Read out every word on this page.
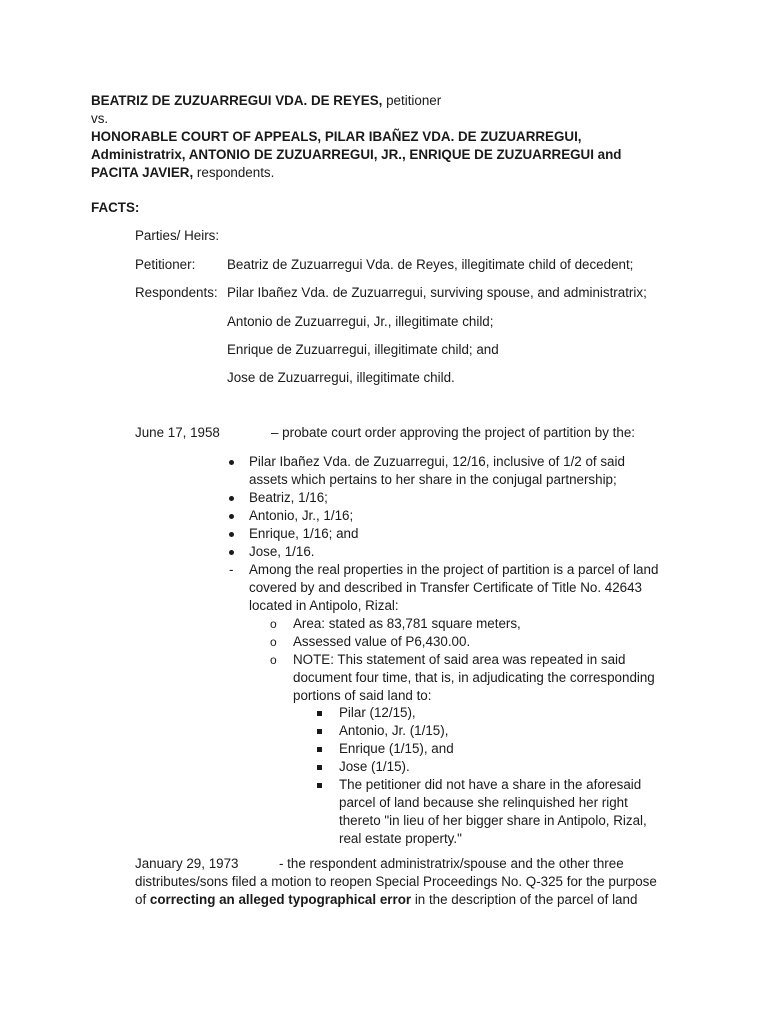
BEATRIZ DE ZUZUARREGUI VDA. DE REYES, petitioner
vs.
HONORABLE COURT OF APPEALS, PILAR IBAÑEZ VDA. DE ZUZUARREGUI,
Administratrix, ANTONIO DE ZUZUARREGUI, JR., ENRIQUE DE ZUZUARREGUI and
PACITA JAVIER, respondents.
FACTS:
Parties/ Heirs:
Petitioner: Beatriz de Zuzuarregui Vda. de Reyes, illegitimate child of decedent;
Respondents: Pilar Ibañez Vda. de Zuzuarregui, surviving spouse, and administratrix;
Antonio de Zuzuarregui, Jr., illegitimate child;
Enrique de Zuzuarregui, illegitimate child; and
Jose de Zuzuarregui, illegitimate child.
June 17, 1958	– probate court order approving the project of partition by the:
Pilar Ibañez Vda. de Zuzuarregui, 12/16, inclusive of 1/2 of said
assets which pertains to her share in the conjugal partnership;
Beatriz, 1/16;
Antonio, Jr., 1/16;
Enrique, 1/16; and
Jose, 1/16.
- Among the real properties in the project of partition is a parcel of land
covered by and described in Transfer Certificate of Title No. 42643
located in Antipolo, Rizal:
o Area: stated as 83,781 square meters,
o Assessed value of P6,430.00.
o NOTE: This statement of said area was repeated in said
document four time, that is, in adjudicating the corresponding
portions of said land to:
Pilar (12/15),
Antonio, Jr. (1/15),
Enrique (1/15), and
Jose (1/15).
The petitioner did not have a share in the aforesaid
parcel of land because she relinquished her right
thereto "in lieu of her bigger share in Antipolo, Rizal,
real estate property."
January 29, 1973	- the respondent administratrix/spouse and the other three
distributes/sons filed a motion to reopen Special Proceedings No. Q-325 for the purpose
of correcting an alleged typographical error in the description of the parcel of land
